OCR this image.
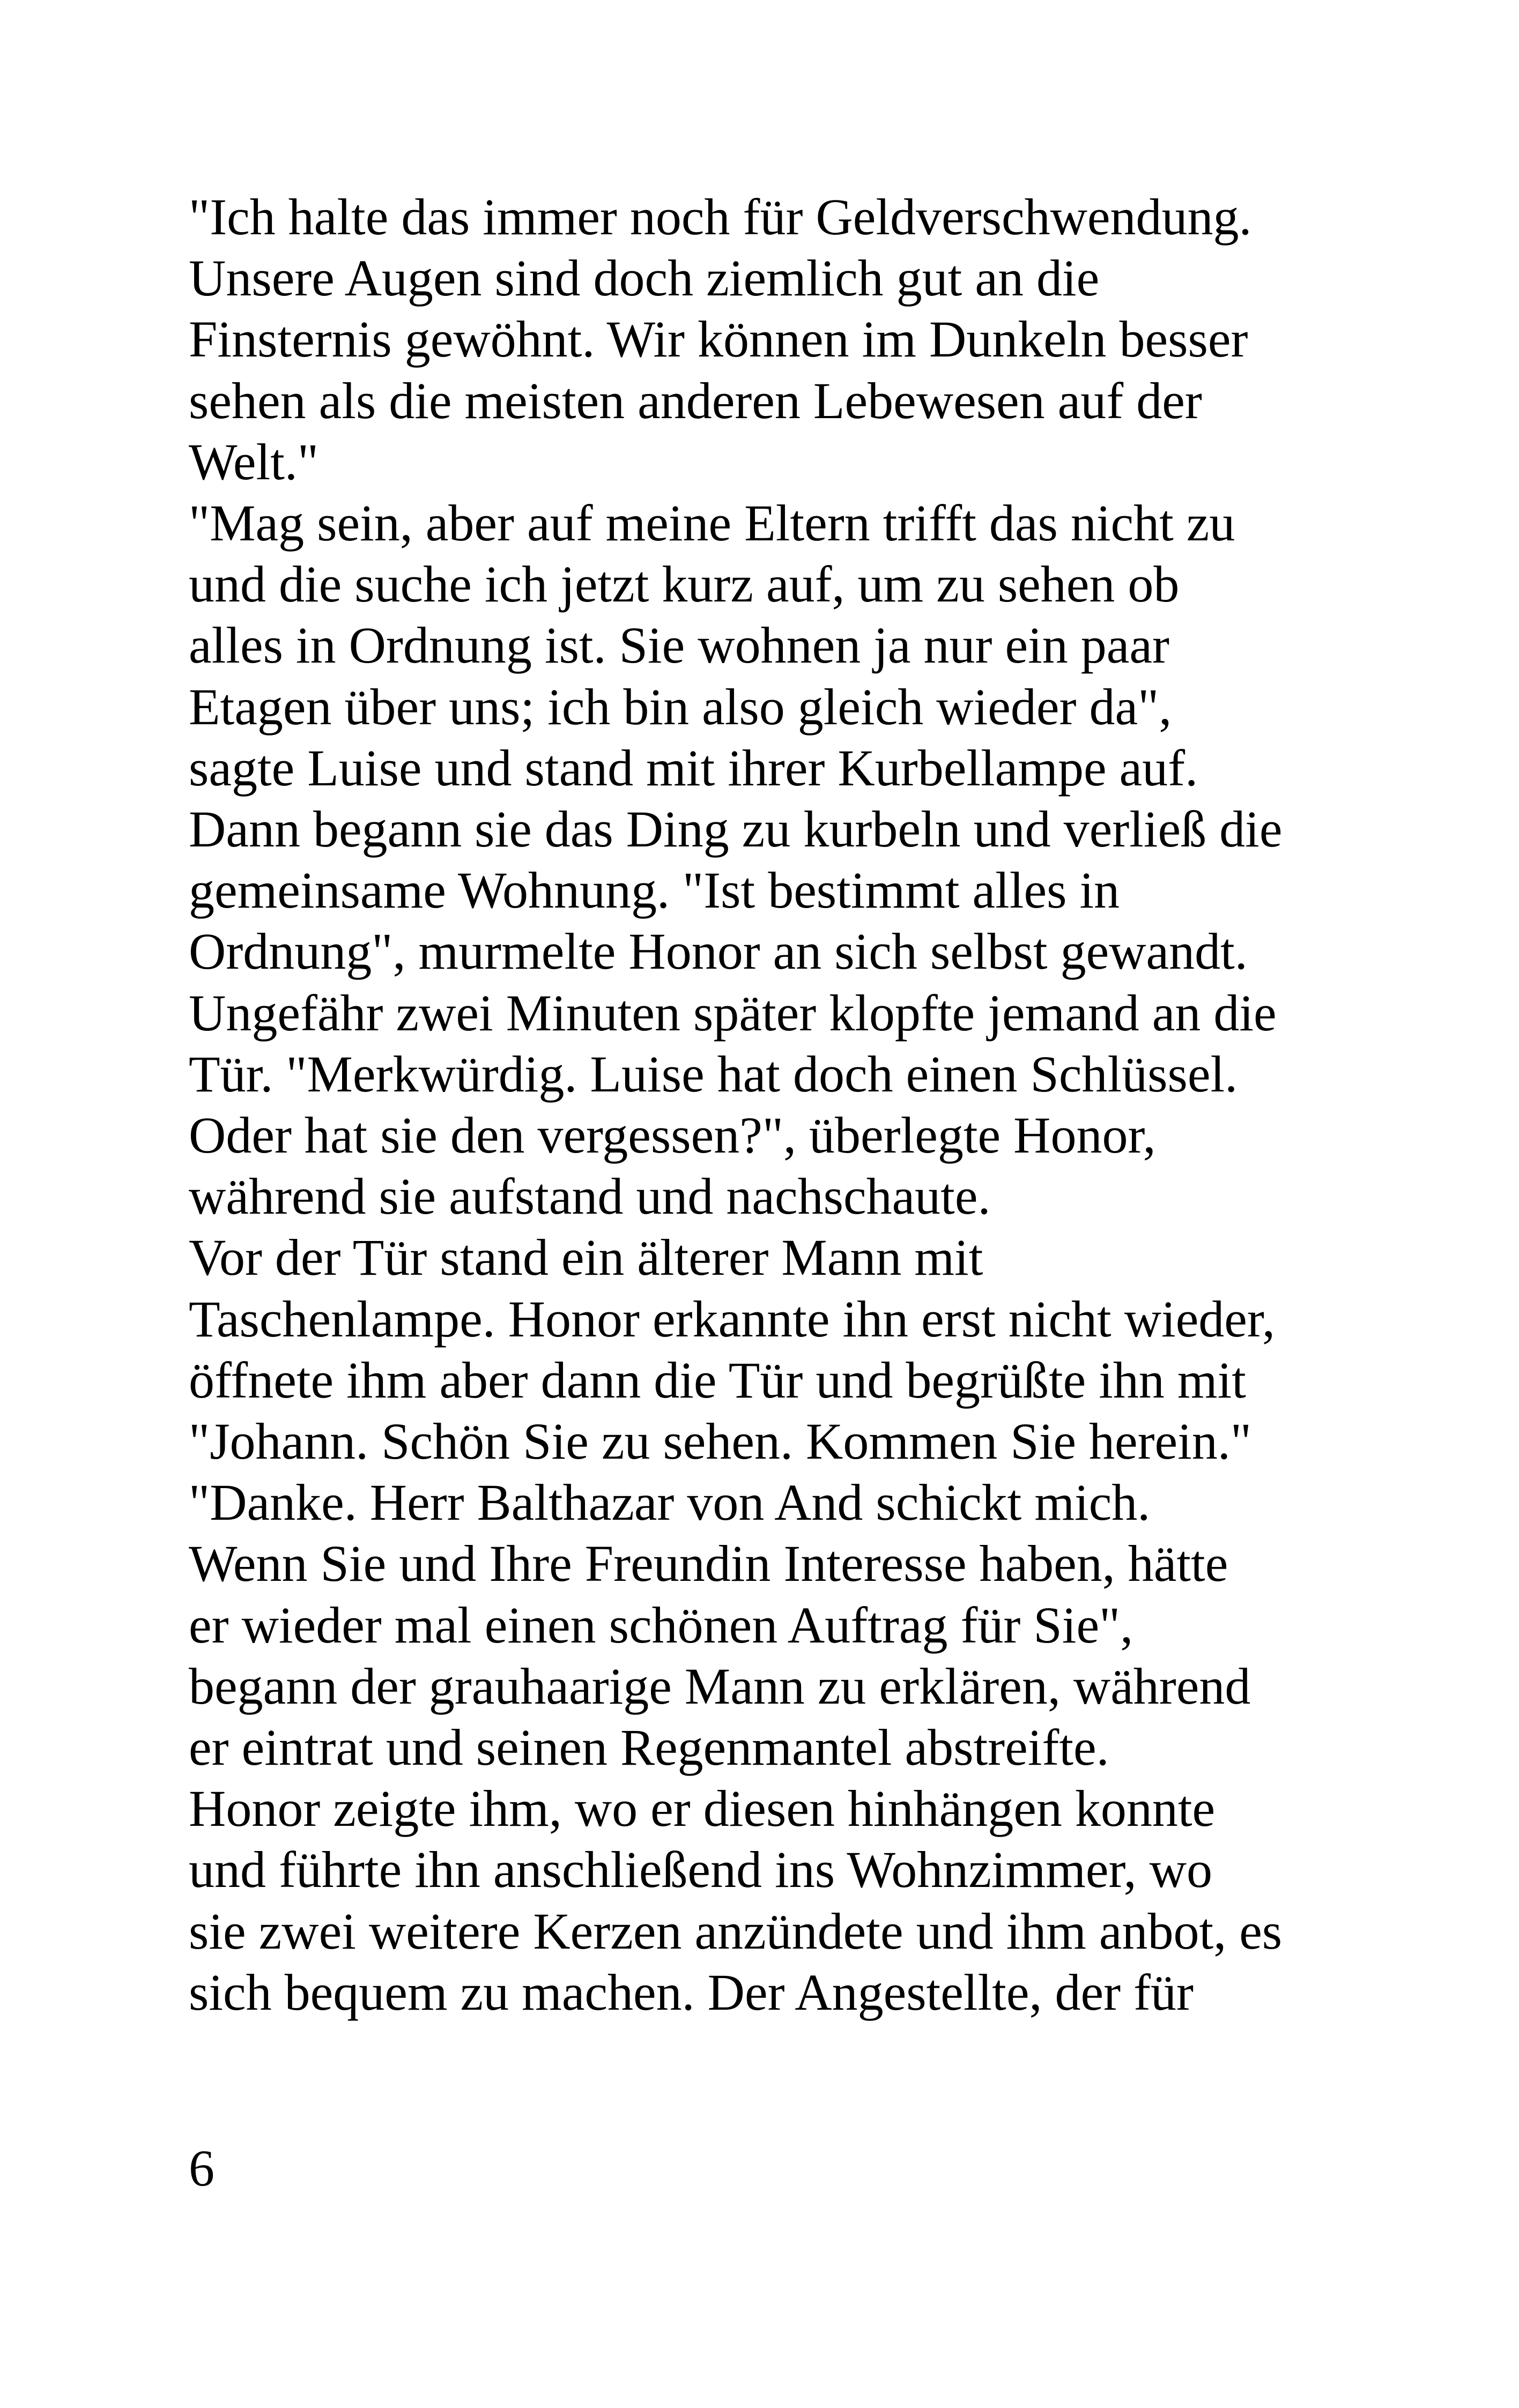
"Ich halte das immer noch für Geldverschwendung.
Unsere Augen sind doch ziemlich gut an die
Finsternis gewöhnt. Wir können im Dunkeln besser
sehen als die meisten anderen Lebewesen auf der
Welt."
"Mag sein, aber auf meine Eltern trifft das nicht zu
und die suche ich jetzt kurz auf, um zu sehen ob
alles in Ordnung ist. Sie wohnen ja nur ein paar
Etagen über uns; ich bin also gleich wieder da",
sagte Luise und stand mit ihrer Kurbellampe auf.
Dann begann sie das Ding zu kurbeln und verließ die
gemeinsame Wohnung. "Ist bestimmt alles in
Ordnung", murmelte Honor an sich selbst gewandt.
Ungefähr zwei Minuten später klopfte jemand an die
Tür. "Merkwürdig. Luise hat doch einen Schlüssel.
Oder hat sie den vergessen?", überlegte Honor,
während sie aufstand und nachschaute.
Vor der Tür stand ein älterer Mann mit
Taschenlampe. Honor erkannte ihn erst nicht wieder,
öffnete ihm aber dann die Tür und begrüßte ihn mit
"Johann. Schön Sie zu sehen. Kommen Sie herein."
"Danke. Herr Balthazar von And schickt mich.
Wenn Sie und Ihre Freundin Interesse haben, hätte
er wieder mal einen schönen Auftrag für Sie",
begann der grauhaarige Mann zu erklären, während
er eintrat und seinen Regenmantel abstreifte.
Honor zeigte ihm, wo er diesen hinhängen konnte
und führte ihn anschließend ins Wohnzimmer, wo
sie zwei weitere Kerzen anzündete und ihm anbot, es
sich bequem zu machen. Der Angestellte, der für
6
